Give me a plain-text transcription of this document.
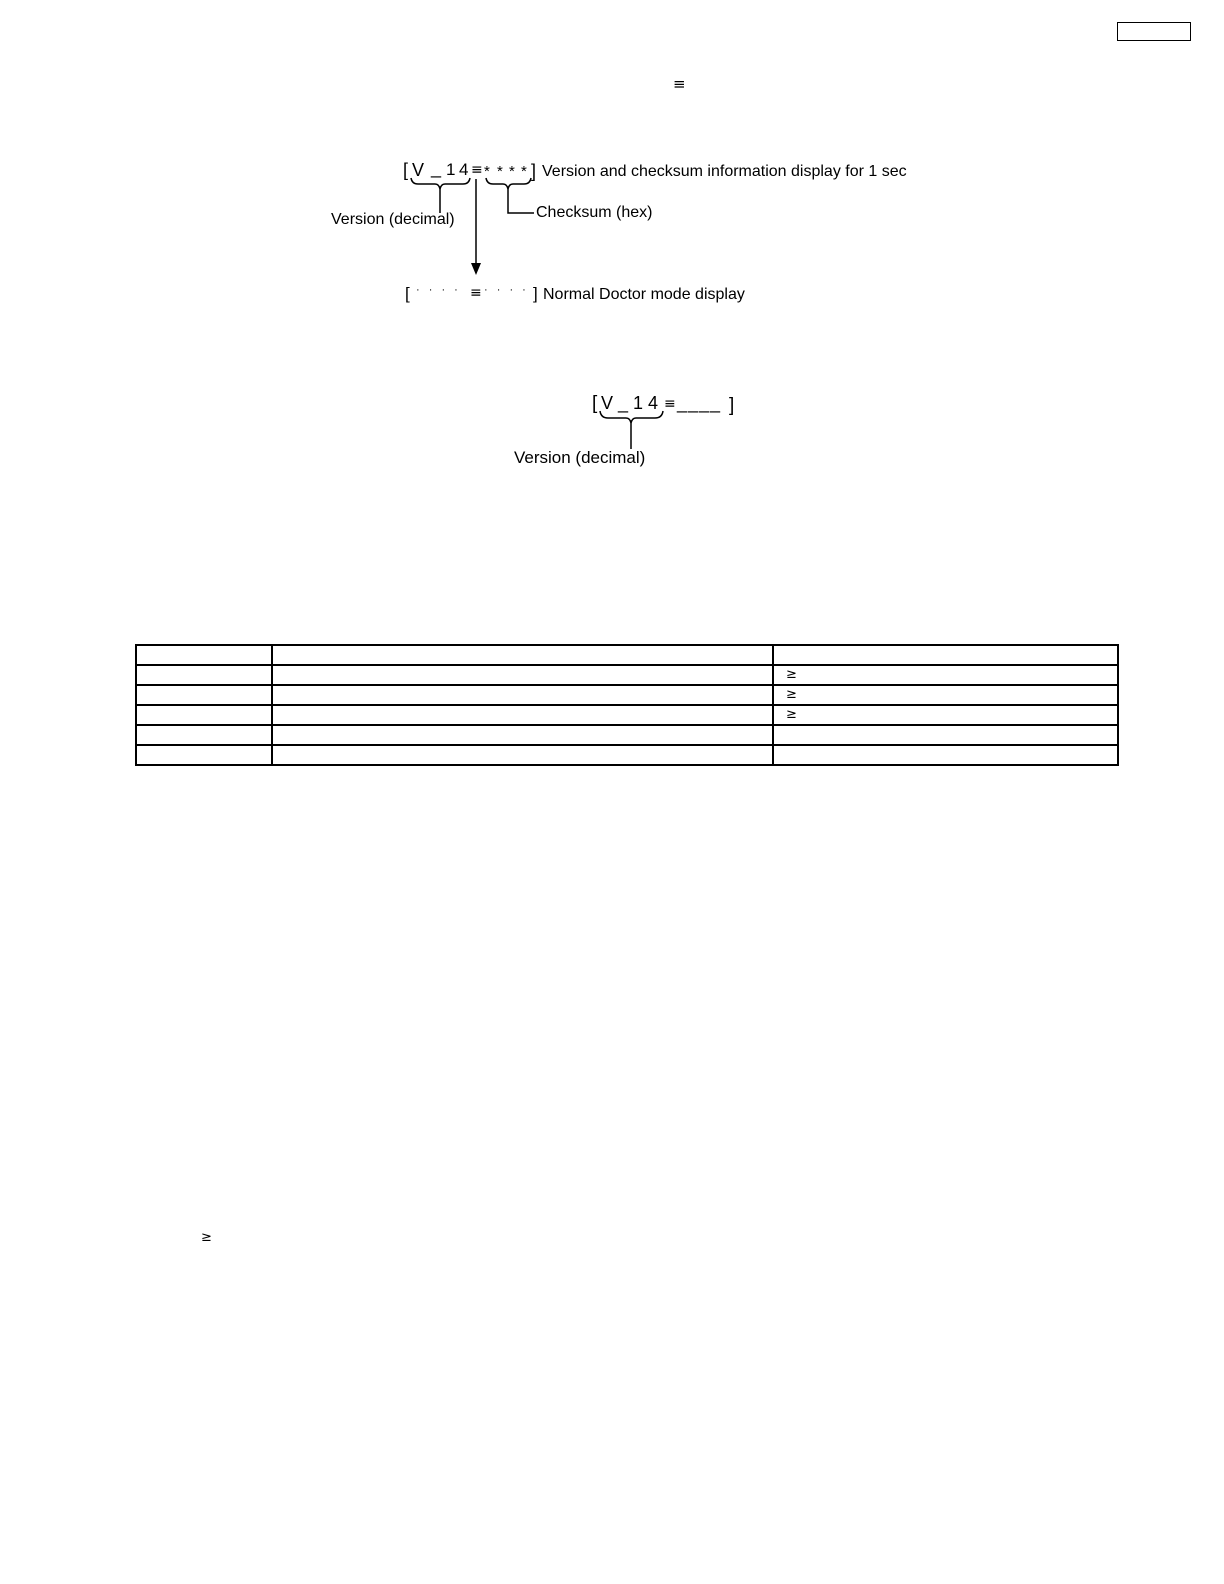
≡
[ V _ 1 4 ≡ * * * * ] Version and checksum information display for 1 sec
Version (decimal)	Checksum (hex)
[ · · · · ≡ · · · · ] Normal Doctor mode display
[ V _ 1 4 ≡ ____ ]
Version (decimal)

		≥
		≥
		≥

≥
